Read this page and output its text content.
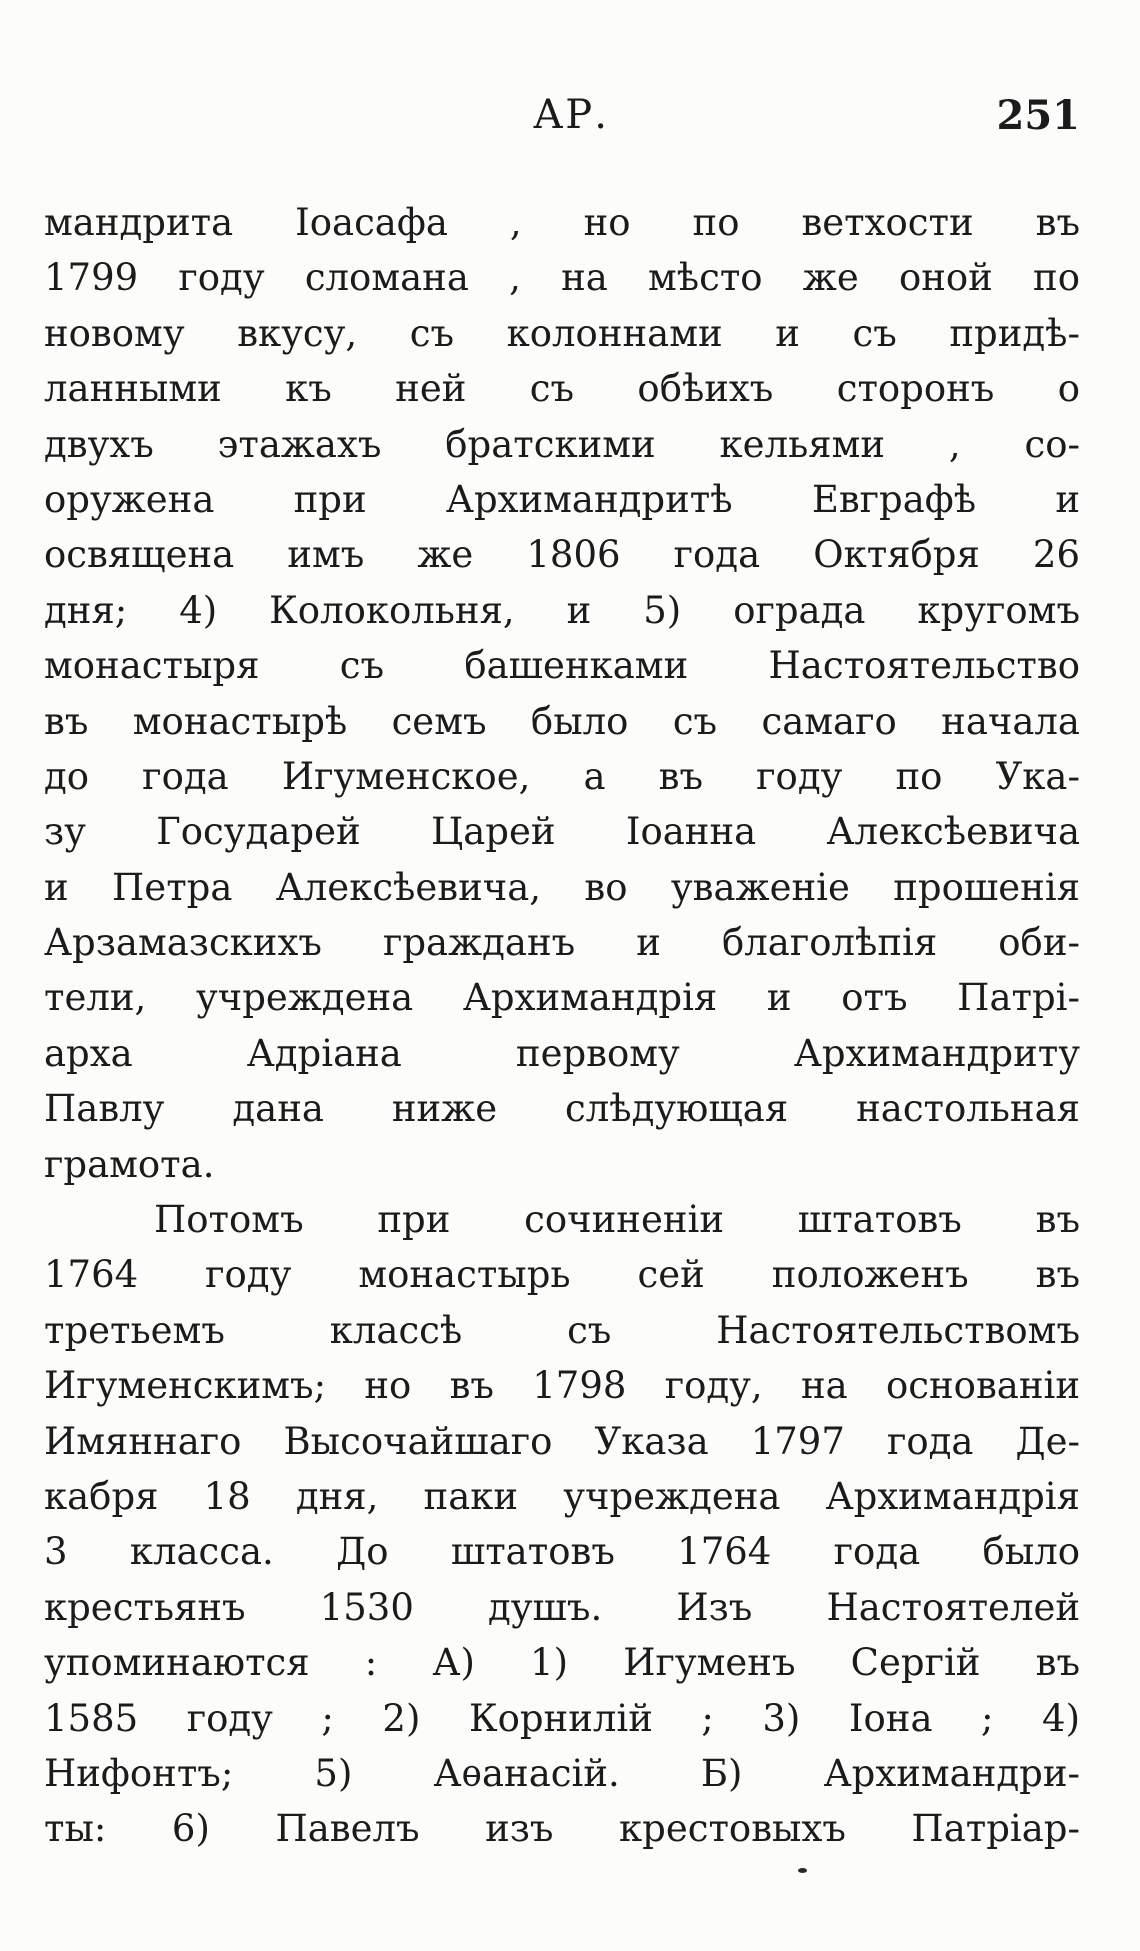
АР.	251
мандрита Іоасафа , но по ветхости въ
1799 году сломана , на мѣсто же оной по
новому вкусу, съ колоннами и съ придѣ-
ланными къ ней съ обѣихъ сторонъ о
двухъ этажахъ братскими кельями , со-
оружена при Архимандритѣ Евграфѣ и
освящена имъ же 1806 года Октября 26
дня; 4) Колокольня, и 5) ограда кругомъ
монастыря съ башенками Настоятельство
въ монастырѣ семъ было съ самаго начала
до года Игуменское, а въ году по Ука-
зу Государей Царей Іоанна Алексѣевича
и Петра Алексѣевича, во уваженіе прошенія
Арзамазскихъ гражданъ и благолѣпія оби-
тели, учреждена Архимандрія и отъ Патрі-
арха Адріана первому Архимандриту
Павлу дана ниже слѣдующая настольная
грамота.
Потомъ при сочиненіи штатовъ въ
1764 году монастырь сей положенъ въ
третьемъ классѣ съ Настоятельствомъ
Игуменскимъ; но въ 1798 году, на основаніи
Имяннаго Высочайшаго Указа 1797 года Де-
кабря 18 дня, паки учреждена Архимандрія
3 класса. До штатовъ 1764 года было
крестьянъ 1530 душъ. Изъ Настоятелей
упоминаются : А) 1) Игуменъ Сергій въ
1585 году ; 2) Корнилій ; 3) Іона ; 4)
Нифонтъ; 5) Аѳанасій. Б) Архимандри-
ты: 6) Павелъ изъ крестовыхъ Патріар-
